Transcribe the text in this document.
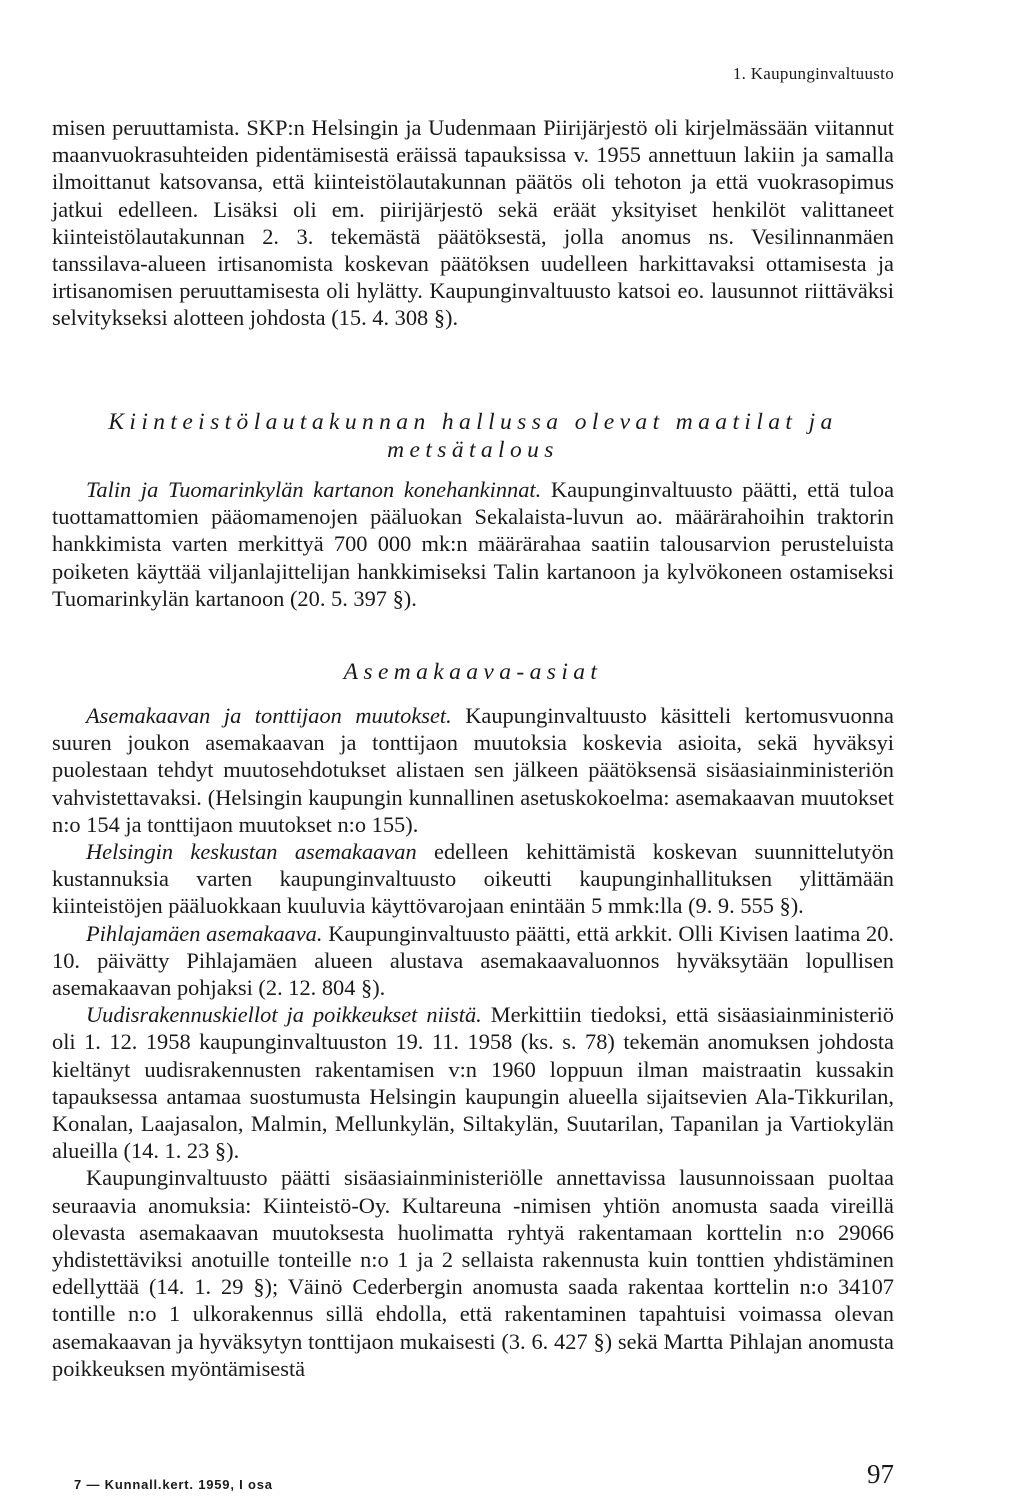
1. Kaupunginvaltuusto

misen peruuttamista. SKP:n Helsingin ja Uudenmaan Piirijärjestö oli kirjelmässään viitannut maanvuokrasuhteiden pidentämisestä eräissä tapauksissa v. 1955 annettuun lakiin ja samalla ilmoittanut katsovansa, että kiinteistölautakunnan päätös oli tehoton ja että vuokrasopimus jatkui edelleen. Lisäksi oli em. piirijärjestö sekä eräät yksityiset henkilöt valittaneet kiinteistölautakunnan 2. 3. tekemästä päätöksestä, jolla anomus ns. Vesilinnanmäen tanssilava-alueen irtisanomista koskevan päätöksen uudelleen harkittavaksi ottamisesta ja irtisanomisen peruuttamisesta oli hylätty. Kaupunginvaltuusto katsoi eo. lausunnot riittäväksi selvitykseksi alotteen johdosta (15. 4. 308 §).

Kiinteistölautakunnan hallussa olevat maatilat ja
metsätalous

Talin ja Tuomarinkylän kartanon konehankinnat. Kaupunginvaltuusto päätti, että tuloa tuottamattomien pääomamenojen pääluokan Sekalaista-luvun ao. määrärahoihin traktorin hankkimista varten merkittyä 700 000 mk:n määrärahaa saatiin talousarvion perusteluista poiketen käyttää viljanlajittelijan hankkimiseksi Talin kartanoon ja kylvökoneen ostamiseksi Tuomarinkylän kartanoon (20. 5. 397 §).

Asemakaava-asiat

Asemakaavan ja tonttijaon muutokset. Kaupunginvaltuusto käsitteli kertomusvuonna suuren joukon asemakaavan ja tonttijaon muutoksia koskevia asioita, sekä hyväksyi puolestaan tehdyt muutosehdotukset alistaen sen jälkeen päätöksensä sisäasiainministeriön vahvistettavaksi. (Helsingin kaupungin kunnallinen asetuskokoelma: asemakaavan muutokset n:o 154 ja tonttijaon muutokset n:o 155).

Helsingin keskustan asemakaavan edelleen kehittämistä koskevan suunnittelutyön kustannuksia varten kaupunginvaltuusto oikeutti kaupunginhallituksen ylittämään kiinteistöjen pääluokkaan kuuluvia käyttövarojaan enintään 5 mmk:lla (9. 9. 555 §).

Pihlajamäen asemakaava. Kaupunginvaltuusto päätti, että arkkit. Olli Kivisen laatima 20. 10. päivätty Pihlajamäen alueen alustava asemakaavaluonnos hyväksytään lopullisen asemakaavan pohjaksi (2. 12. 804 §).

Uudisrakennuskiellot ja poikkeukset niistä. Merkittiin tiedoksi, että sisäasiainministeriö oli 1. 12. 1958 kaupunginvaltuuston 19. 11. 1958 (ks. s. 78) tekemän anomuksen johdosta kieltänyt uudisrakennusten rakentamisen v:n 1960 loppuun ilman maistraatin kussakin tapauksessa antamaa suostumusta Helsingin kaupungin alueella sijaitsevien Ala-Tikkurilan, Konalan, Laajasalon, Malmin, Mellunkylän, Siltakylän, Suutarilan, Tapanilan ja Vartiokylän alueilla (14. 1. 23 §).

Kaupunginvaltuusto päätti sisäasiainministeriölle annettavissa lausunnoissaan puoltaa seuraavia anomuksia: Kiinteistö-Oy. Kultareuna -nimisen yhtiön anomusta saada vireillä olevasta asemakaavan muutoksesta huolimatta ryhtyä rakentamaan korttelin n:o 29066 yhdistettäviksi anotuille tonteille n:o 1 ja 2 sellaista rakennusta kuin tonttien yhdistäminen edellyttää (14. 1. 29 §); Väinö Cederbergin anomusta saada rakentaa korttelin n:o 34107 tontille n:o 1 ulkorakennus sillä ehdolla, että rakentaminen tapahtuisi voimassa olevan asemakaavan ja hyväksytyn tonttijaon mukaisesti (3. 6. 427 §) sekä Martta Pihlajan anomusta poikkeuksen myöntämisestä

7 — Kunnall.kert. 1959, I osa	97
